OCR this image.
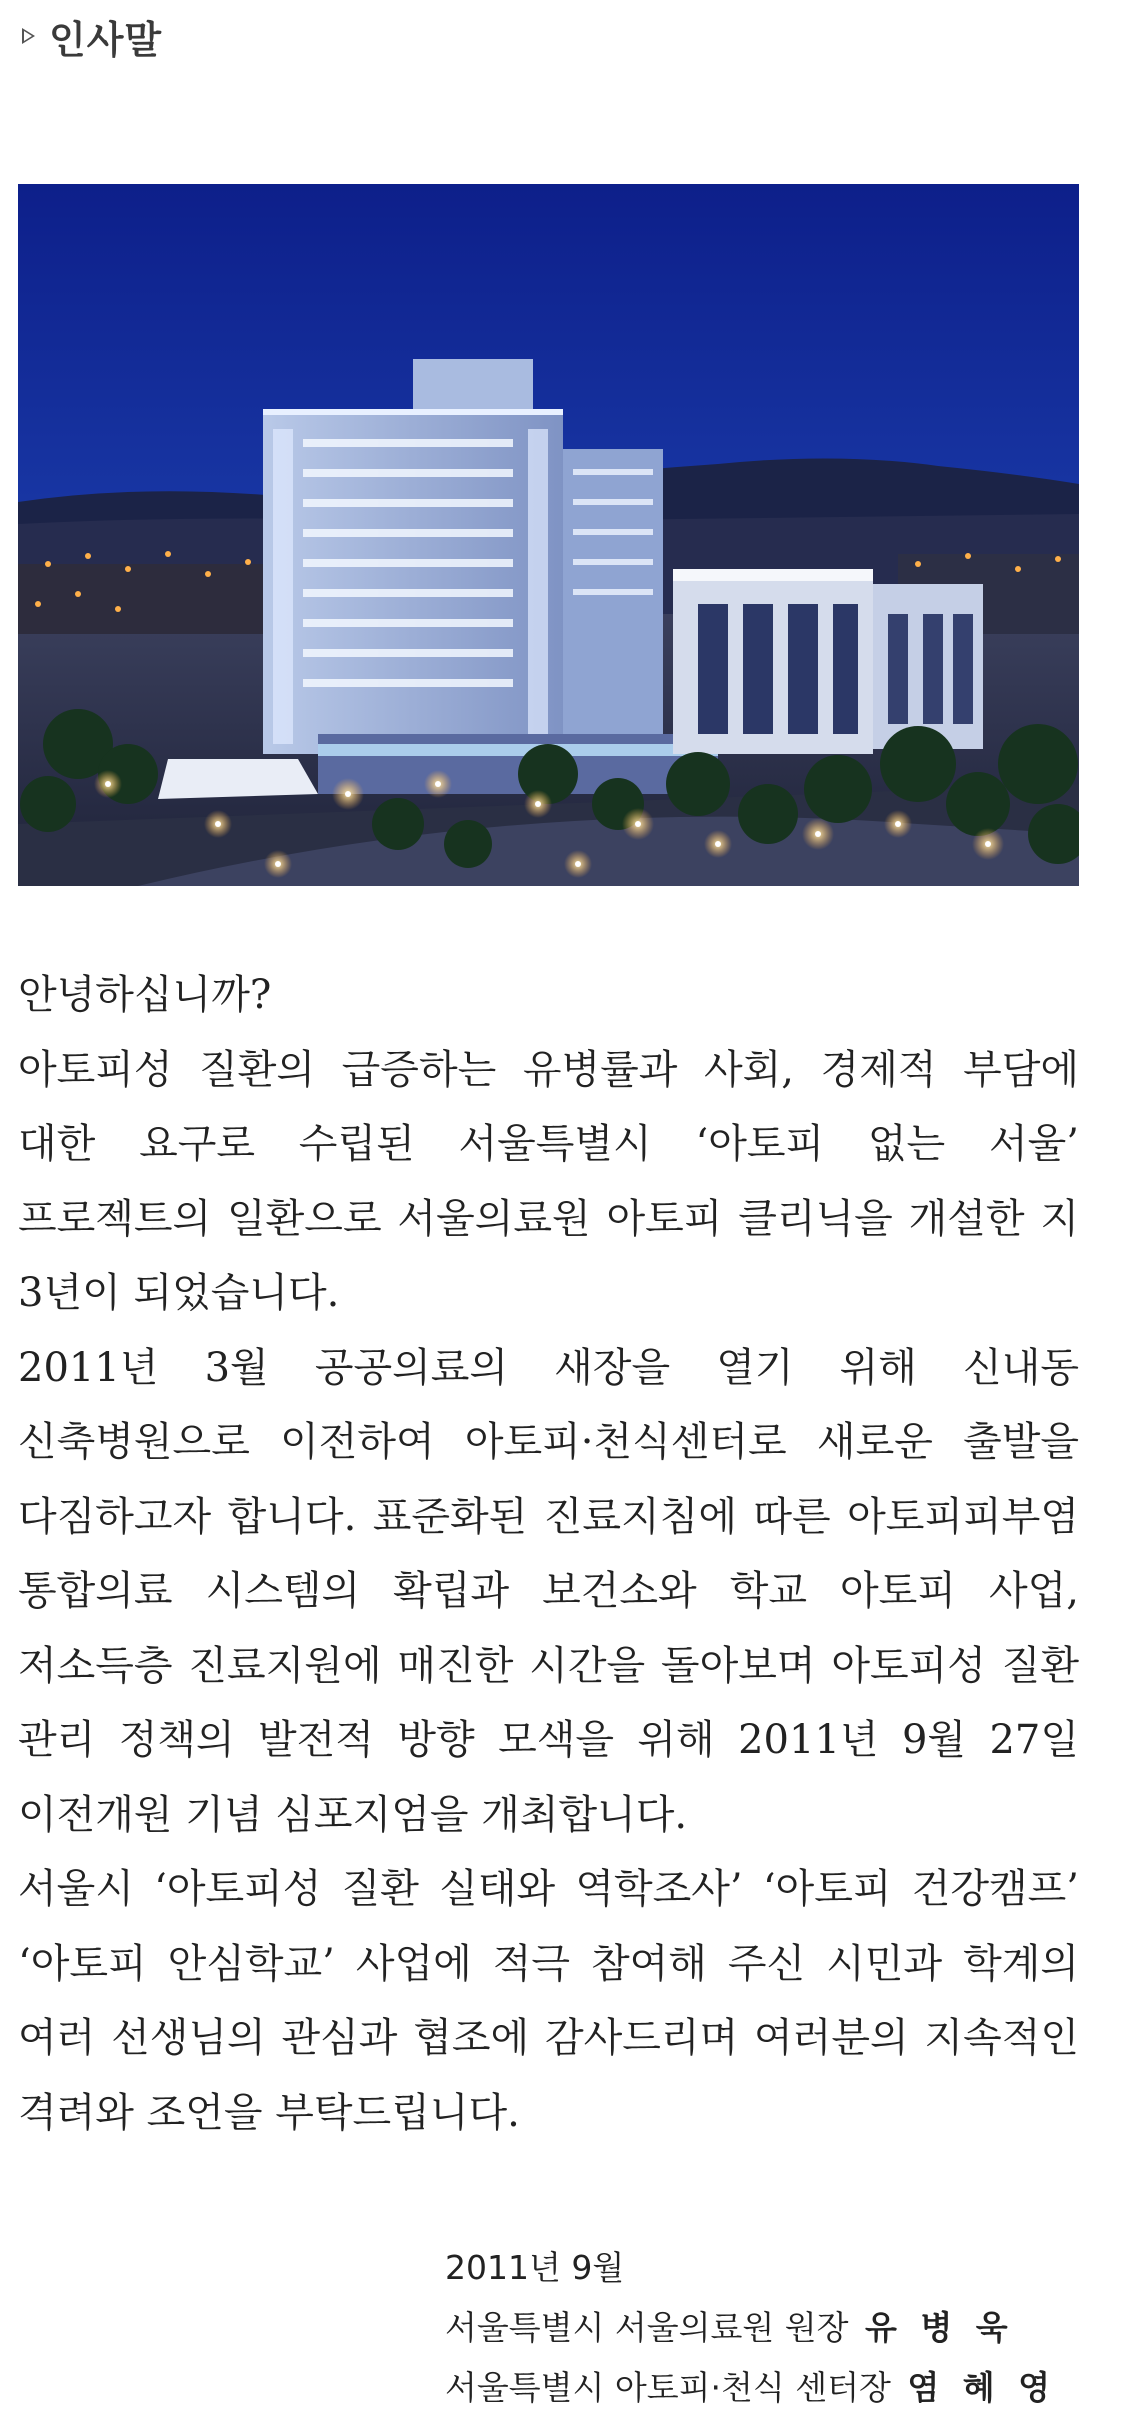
인사말

안녕하십니까?

아토피성 질환의 급증하는 유병률과 사회, 경제적 부담에 대한 요구로 수립된 서울특별시 ‘아토피 없는 서울’ 프로젝트의 일환으로 서울의료원 아토피 클리닉을 개설한 지 3년이 되었습니다.

2011년 3월 공공의료의 새장을 열기 위해 신내동 신축병원으로 이전하여 아토피·천식센터로 새로운 출발을 다짐하고자 합니다. 표준화된 진료지침에 따른 아토피피부염 통합의료 시스템의 확립과 보건소와 학교 아토피 사업, 저소득층 진료지원에 매진한 시간을 돌아보며 아토피성 질환 관리 정책의 발전적 방향 모색을 위해 2011년 9월 27일 이전개원 기념 심포지엄을 개최합니다.

서울시 ‘아토피성 질환 실태와 역학조사’ ‘아토피 건강캠프’ ‘아토피 안심학교’ 사업에 적극 참여해 주신 시민과 학계의 여러 선생님의 관심과 협조에 감사드리며 여러분의 지속적인 격려와 조언을 부탁드립니다.

2011년 9월
서울특별시 서울의료원 원장 유 병 욱
서울특별시 아토피·천식 센터장 염 혜 영
